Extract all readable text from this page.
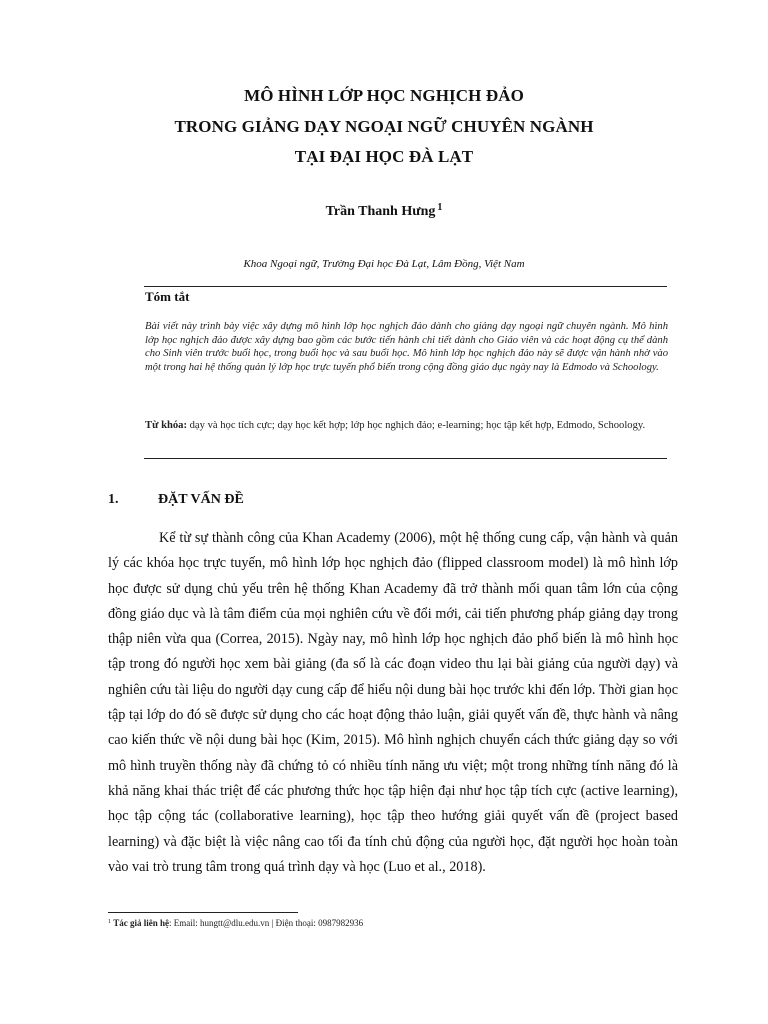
MÔ HÌNH LỚP HỌC NGHỊCH ĐẢO
TRONG GIẢNG DẠY NGOẠI NGỮ CHUYÊN NGÀNH
TẠI ĐẠI HỌC ĐÀ LẠT
Trần Thanh Hưng $^1$
Khoa Ngoại ngữ, Trường Đại học Đà Lạt, Lâm Đồng, Việt Nam
Tóm tắt
Bài viết này trình bày việc xây dựng mô hình lớp học nghịch đảo dành cho giảng dạy ngoại ngữ chuyên ngành. Mô hình lớp học nghịch đảo được xây dựng bao gồm các bước tiến hành chi tiết dành cho Giáo viên và các hoạt động cụ thể dành cho Sinh viên trước buổi học, trong buổi học và sau buổi học. Mô hình lớp học nghịch đảo này sẽ được vận hành nhờ vào một trong hai hệ thống quản lý lớp học trực tuyến phổ biến trong cộng đồng giáo dục ngày nay là Edmodo và Schoology.
Từ khóa: dạy và học tích cực; dạy học kết hợp; lớp học nghịch đảo; e-learning; học tập kết hợp, Edmodo, Schoology.
1.	ĐẶT VẤN ĐỀ

Kể từ sự thành công của Khan Academy (2006), một hệ thống cung cấp, vận hành và quản lý các khóa học trực tuyến, mô hình lớp học nghịch đảo (flipped classroom model) là mô hình lớp học được sử dụng chủ yếu trên hệ thống Khan Academy đã trở thành mối quan tâm lớn của cộng đồng giáo dục và là tâm điểm của mọi nghiên cứu về đổi mới, cải tiến phương pháp giảng dạy trong thập niên vừa qua (Correa, 2015). Ngày nay, mô hình lớp học nghịch đảo phổ biến là mô hình học tập trong đó người học xem bài giảng (đa số là các đoạn video thu lại bài giảng của người dạy) và nghiên cứu tài liệu do người dạy cung cấp để hiểu nội dung bài học trước khi đến lớp. Thời gian học tập tại lớp do đó sẽ được sử dụng cho các hoạt động thảo luận, giải quyết vấn đề, thực hành và nâng cao kiến thức về nội dung bài học (Kim, 2015). Mô hình nghịch chuyển cách thức giảng dạy so với mô hình truyền thống này đã chứng tỏ có nhiều tính năng ưu việt; một trong những tính năng đó là khả năng khai thác triệt để các phương thức học tập hiện đại như học tập tích cực (active learning), học tập cộng tác (collaborative learning), học tập theo hướng giải quyết vấn đề (project based learning) và đặc biệt là việc nâng cao tối đa tính chủ động của người học, đặt người học hoàn toàn vào vai trò trung tâm trong quá trình dạy và học (Luo et al., 2018).

$^1$ Tác giả liên hệ: Email: hungtt@dlu.edu.vn | Điện thoại: 0987982936
